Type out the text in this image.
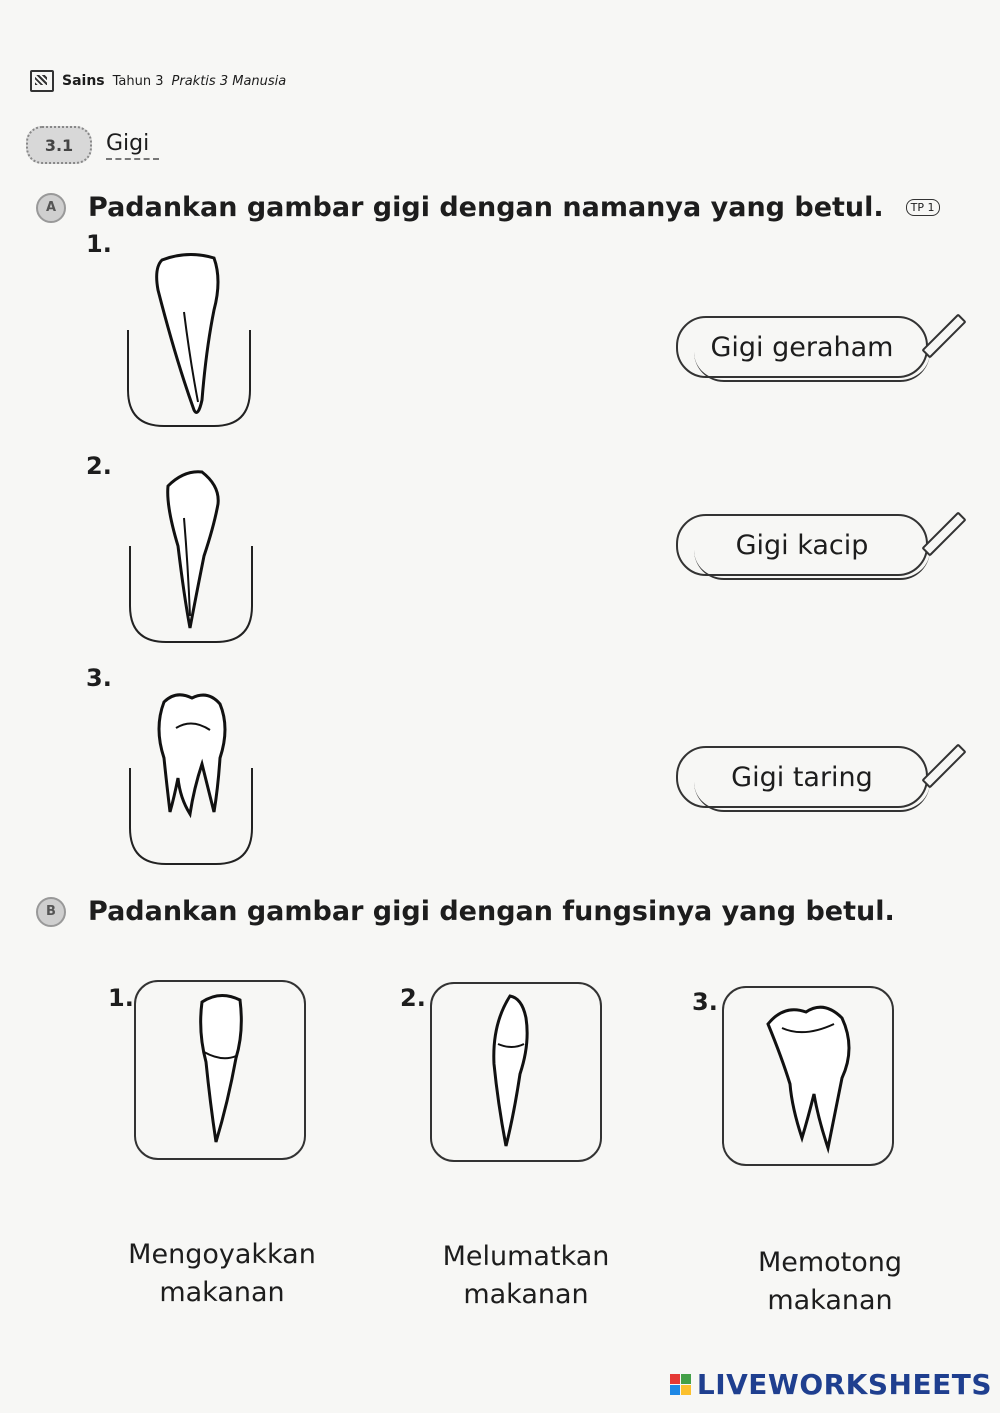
Sains Tahun 3 Praktis 3 Manusia
3.1	Gigi
A	Padankan gambar gigi dengan namanya yang betul.	TP 1
1.
2.
3.
Gigi geraham
Gigi kacip
Gigi taring
B	Padankan gambar gigi dengan fungsinya yang betul.
1.	2.	3.
Mengoyakkan
makanan
Melumatkan
makanan
Memotong
makanan
LIVEWORKSHEETS
